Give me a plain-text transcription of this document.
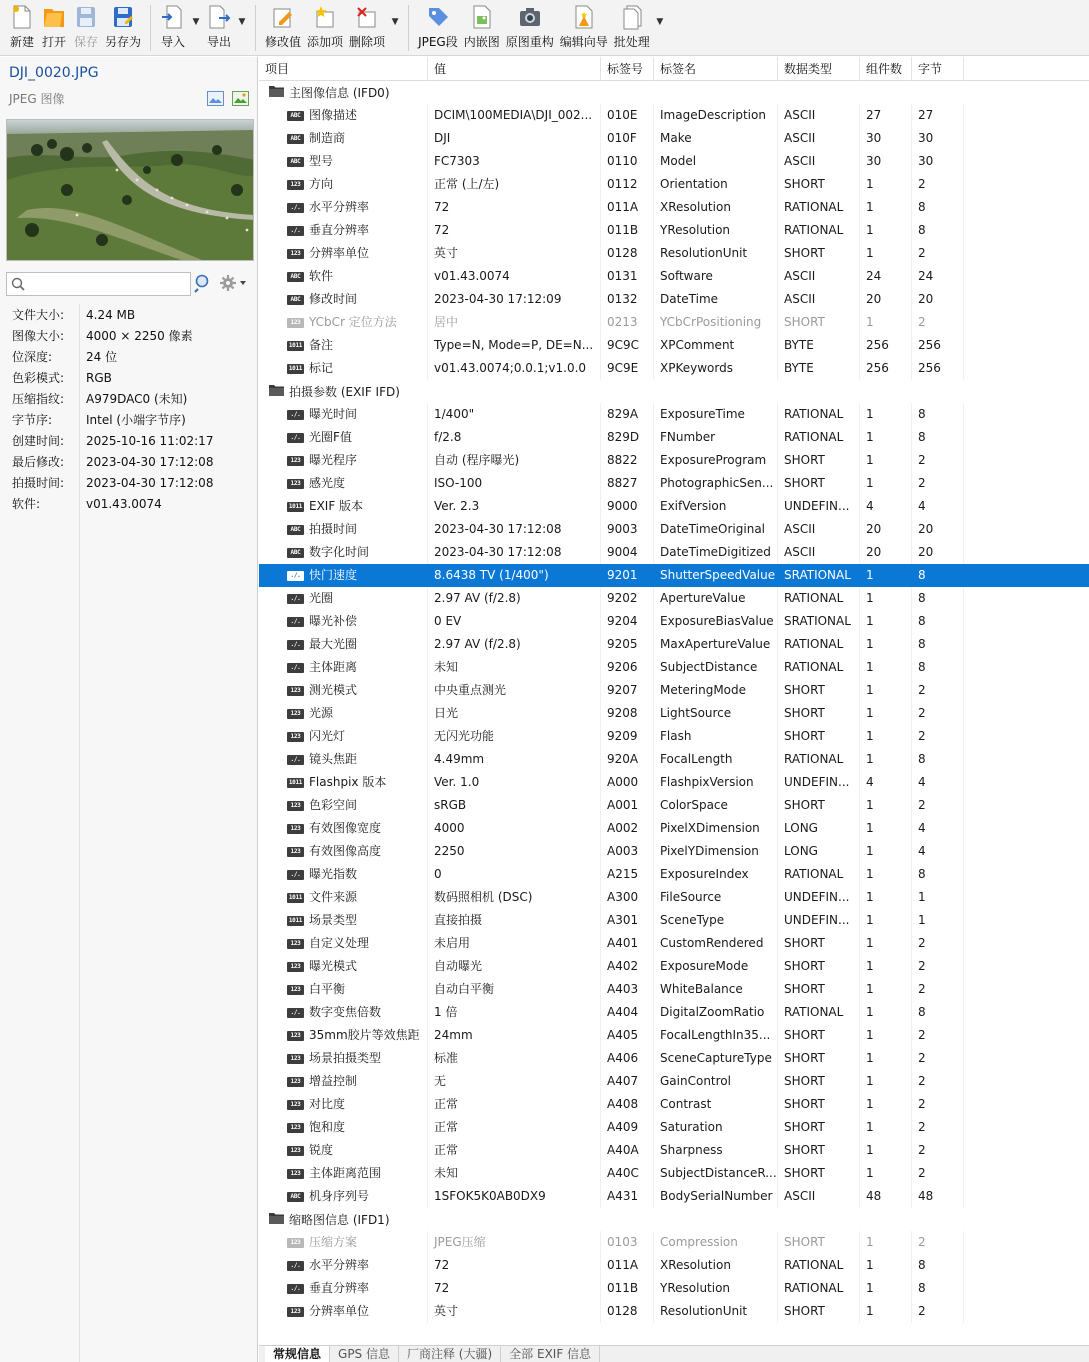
新建 打开 保存 另存为 导入
▼
导出
▼
修改值 添加项 删除项
▼
JPEG段 内嵌图 原图重构 编辑向导 批处理
▼
DJI_0020.JPG
JPEG 图像
文件大小:	4.24 MB
图像大小:	4000 × 2250 像素
位深度:	24 位
色彩模式:	RGB
压缩指纹:	A979DAC0 (未知)
字节序:	Intel (小端字节序)
创建时间:	2025-10-16 11:02:17
最后修改:	2023-04-30 17:12:08
拍摄时间:	2023-04-30 17:12:08
软件:	v01.43.0074
项目	值	标签号	标签名	数据类型	组件数	字节
主图像信息 (IFD0)
ABC 图像描述	DCIM\100MEDIA\DJI_002...	010E	ImageDescription	ASCII	27	27
ABC 制造商	DJI	010F	Make	ASCII	30	30
ABC 型号	FC7303	0110	Model	ASCII	30	30
123 方向	正常 (上/左)	0112	Orientation	SHORT	1	2
./. 水平分辨率	72	011A	XResolution	RATIONAL	1	8
./. 垂直分辨率	72	011B	YResolution	RATIONAL	1	8
123 分辨率单位	英寸	0128	ResolutionUnit	SHORT	1	2
ABC 软件	v01.43.0074	0131	Software	ASCII	24	24
ABC 修改时间	2023-04-30 17:12:09	0132	DateTime	ASCII	20	20
123 YCbCr 定位方法	居中	0213	YCbCrPositioning	SHORT	1	2
1011 备注	Type=N, Mode=P, DE=N...	9C9C	XPComment	BYTE	256	256
1011 标记	v01.43.0074;0.0.1;v1.0.0	9C9E	XPKeywords	BYTE	256	256
拍摄参数 (EXIF IFD)
./. 曝光时间	1/400"	829A	ExposureTime	RATIONAL	1	8
./. 光圈F值	f/2.8	829D	FNumber	RATIONAL	1	8
123 曝光程序	自动 (程序曝光)	8822	ExposureProgram	SHORT	1	2
123 感光度	ISO-100	8827	PhotographicSen... SHORT	1	2
1011 EXIF 版本	Ver. 2.3	9000	ExifVersion	UNDEFIN...	4	4
ABC 拍摄时间	2023-04-30 17:12:08	9003	DateTimeOriginal	ASCII	20	20
ABC 数字化时间	2023-04-30 17:12:08	9004	DateTimeDigitized	ASCII	20	20
./. 快门速度	8.6438 TV (1/400")	9201	ShutterSpeedValue SRATIONAL	1	8
./. 光圈	2.97 AV (f/2.8)	9202	ApertureValue	RATIONAL	1	8
./. 曝光补偿	0 EV	9204	ExposureBiasValue SRATIONAL	1	8
./. 最大光圈	2.97 AV (f/2.8)	9205	MaxApertureValue	RATIONAL	1	8
./. 主体距离	未知	9206	SubjectDistance	RATIONAL	1	8
123 测光模式	中央重点测光	9207	MeteringMode	SHORT	1	2
123 光源	日光	9208	LightSource	SHORT	1	2
123 闪光灯	无闪光功能	9209	Flash	SHORT	1	2
./. 镜头焦距	4.49mm	920A	FocalLength	RATIONAL	1	8
1011 Flashpix 版本	Ver. 1.0	A000	FlashpixVersion	UNDEFIN...	4	4
123 色彩空间	sRGB	A001	ColorSpace	SHORT	1	2
123 有效图像宽度	4000	A002	PixelXDimension	LONG	1	4
123 有效图像高度	2250	A003	PixelYDimension	LONG	1	4
./. 曝光指数	0	A215	ExposureIndex	RATIONAL	1	8
1011 文件来源	数码照相机 (DSC)	A300	FileSource	UNDEFIN...	1	1
1011 场景类型	直接拍摄	A301	SceneType	UNDEFIN...	1	1
123 自定义处理	未启用	A401	CustomRendered	SHORT	1	2
123 曝光模式	自动曝光	A402	ExposureMode	SHORT	1	2
123 白平衡	自动白平衡	A403	WhiteBalance	SHORT	1	2
./. 数字变焦倍数	1 倍	A404	DigitalZoomRatio	RATIONAL	1	8
123 35mm胶片等效焦距	24mm	A405	FocalLengthIn35...	SHORT	1	2
123 场景拍摄类型	标准	A406	SceneCaptureType	SHORT	1	2
123 增益控制	无	A407	GainControl	SHORT	1	2
123 对比度	正常	A408	Contrast	SHORT	1	2
123 饱和度	正常	A409	Saturation	SHORT	1	2
123 锐度	正常	A40A	Sharpness	SHORT	1	2
123 主体距离范围	未知	A40C	SubjectDistanceR... SHORT	1	2
ABC 机身序列号	1SFOK5K0AB0DX9	A431	BodySerialNumber ASCII	48	48
缩略图信息 (IFD1)
123 压缩方案	JPEG压缩	0103	Compression	SHORT	1	2
./. 水平分辨率	72	011A	XResolution	RATIONAL	1	8
./. 垂直分辨率	72	011B	YResolution	RATIONAL	1	8
123 分辨率单位	英寸	0128	ResolutionUnit	SHORT	1	2
常规信息	GPS 信息	厂商注释 (大疆)	全部 EXIF 信息
